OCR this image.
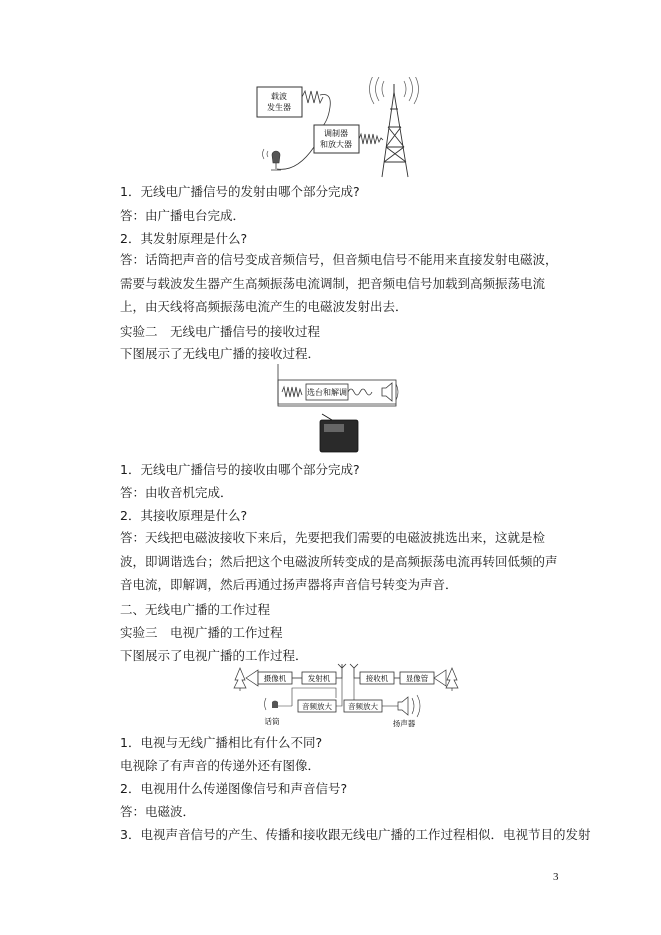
载波
发生器
调制器
和放大器
1．无线电广播信号的发射由哪个部分完成?
答：由广播电台完成．
2．其发射原理是什么?
答：话筒把声音的信号变成音频信号，但音频电信号不能用来直接发射电磁波，需要与载波发生器产生高频振荡电流调制，把音频电信号加载到高频振荡电流上，由天线将高频振荡电流产生的电磁波发射出去．
实验二　无线电广播信号的接收过程
下图展示了无线电广播的接收过程．
选台和解调
1．无线电广播信号的接收由哪个部分完成?
答：由收音机完成．
2．其接收原理是什么?
答：天线把电磁波接收下来后，先要把我们需要的电磁波挑选出来，这就是检波，即调谐选台；然后把这个电磁波所转变成的是高频振荡电流再转回低频的声音电流，即解调，然后再通过扬声器将声音信号转变为声音．
二、无线电广播的工作过程
实验三　电视广播的工作过程
下图展示了电视广播的工作过程．
摄像机	发射机	接收机 显像管
音频放大 音频放大
话筒	扬声器
1．电视与无线广播相比有什么不同?
电视除了有声音的传递外还有图像．
2．电视用什么传递图像信号和声音信号?
答：电磁波．
3．电视声音信号的产生、传播和接收跟无线电广播的工作过程相似．电视节目的发射
3
